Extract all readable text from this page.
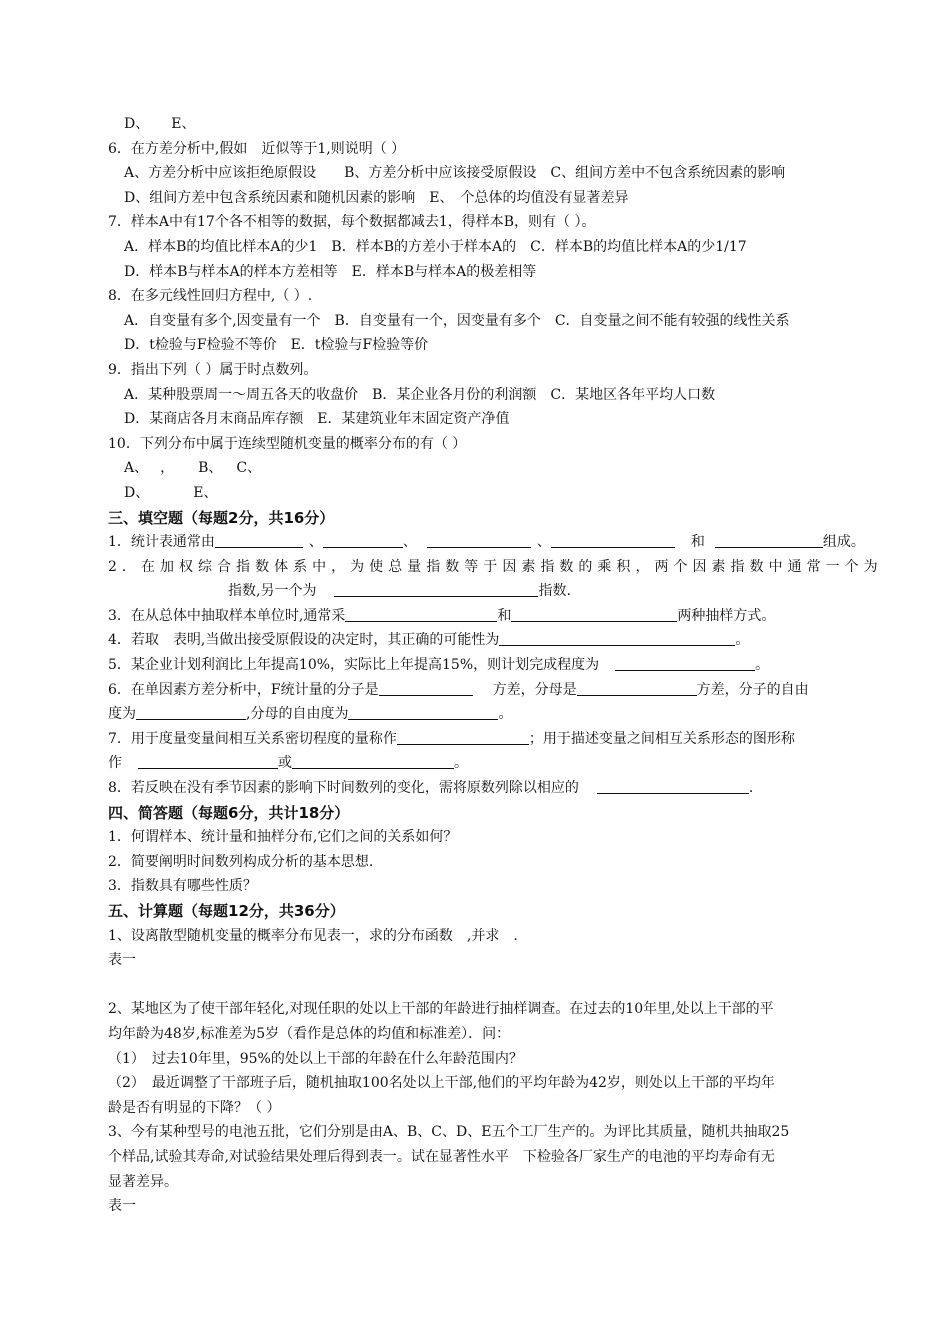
D、 E、
6．在方差分析中,假如　近似等于1,则说明（ ）
A、方差分析中应该拒绝原假设　　B、方差分析中应该接受原假设　C、组间方差中不包含系统因素的影响
D、组间方差中包含系统因素和随机因素的影响　E、　个总体的均值没有显著差异
7．样本A中有17个各不相等的数据，每个数据都减去1，得样本B，则有（ ）。
A．样本B的均值比样本A的少1　B．样本B的方差小于样本A的　C．样本B的均值比样本A的少1/17
D．样本B与样本A的样本方差相等　E．样本B与样本A的极差相等
8．在多元线性回归方程中,（ ）.
A．自变量有多个,因变量有一个　B．自变量有一个，因变量有多个　C．自变量之间不能有较强的线性关系
D．t检验与F检验不等价　E．t检验与F检验等价
9．指出下列（ ）属于时点数列。
A．某种股票周一～周五各天的收盘价　B．某企业各月份的利润额　C．某地区各年平均人口数
D．某商店各月末商品库存额　E．某建筑业年末固定资产净值
10．下列分布中属于连续型随机变量的概率分布的有（ ）
A、 ， B、 C、
D、	E、
三、填空题（每题2分，共16分）
1．统计表通常由	、	、	、	和	组成。
2．在加权综合指数体系中，为使总量指数等于因素指数的乘积，两个因素指数中通常一个为
指数,另一个为	指数.
3．在从总体中抽取样本单位时,通常采	和	两种抽样方式。
4．若取　表明,当做出接受原假设的决定时，其正确的可能性为	。
5．某企业计划利润比上年提高10%，实际比上年提高15%，则计划完成程度为	。
6．在单因素方差分析中，F统计量的分子是	方差，分母是	方差，分子的自由
度为	,分母的自由度为	。
7．用于度量变量间相互关系密切程度的量称作	；用于描述变量之间相互关系形态的图形称
作	或	。
8．若反映在没有季节因素的影响下时间数列的变化，需将原数列除以相应的	.
四、简答题（每题6分，共计18分）
1．何谓样本、统计量和抽样分布,它们之间的关系如何？
2．简要阐明时间数列构成分析的基本思想.
3．指数具有哪些性质？
五、计算题（每题12分，共36分）
1、设离散型随机变量的概率分布见表一，求的分布函数　,并求　.
表一
2、某地区为了使干部年轻化,对现任职的处以上干部的年龄进行抽样调查。在过去的10年里,处以上干部的平
均年龄为48岁,标准差为5岁（看作是总体的均值和标准差）．问：
（1）　过去10年里，95%的处以上干部的年龄在什么年龄范围内？
（2）　最近调整了干部班子后，随机抽取100名处以上干部,他们的平均年龄为42岁，则处以上干部的平均年
龄是否有明显的下降？（ ）
3、今有某种型号的电池五批，它们分别是由A、B、C、D、E五个工厂生产的。为评比其质量，随机共抽取25
个样品,试验其寿命,对试验结果处理后得到表一。试在显著性水平　下检验各厂家生产的电池的平均寿命有无
显著差异。
表一
